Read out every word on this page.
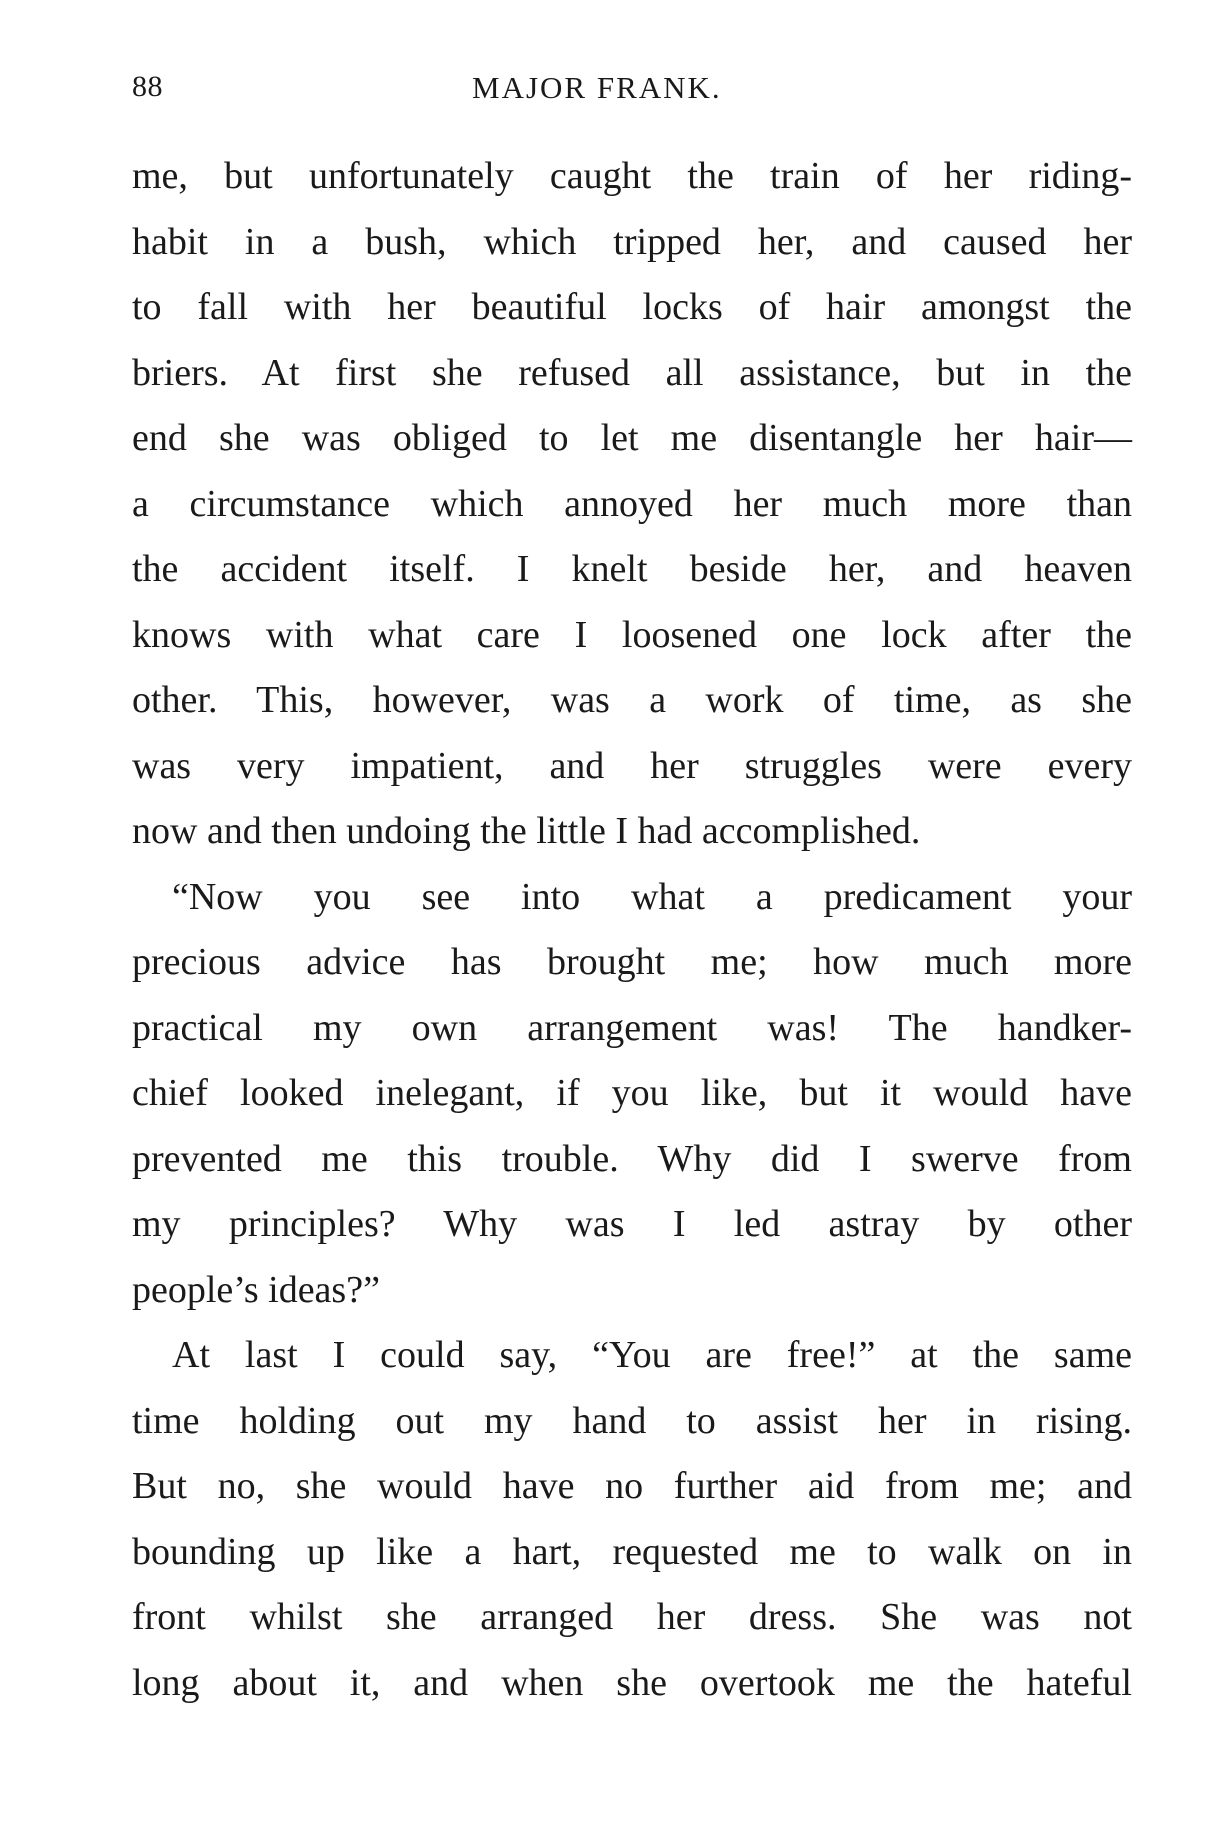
88	MAJOR FRANK.
me, but unfortunately caught the train of her riding-
habit in a bush, which tripped her, and caused her
to fall with her beautiful locks of hair amongst the
briers. At first she refused all assistance, but in the
end she was obliged to let me disentangle her hair—
a circumstance which annoyed her much more than
the accident itself. I knelt beside her, and heaven
knows with what care I loosened one lock after the
other. This, however, was a work of time, as she
was very impatient, and her struggles were every
now and then undoing the little I had accomplished.
“Now you see into what a predicament your
precious advice has brought me; how much more
practical my own arrangement was! The handker-
chief looked inelegant, if you like, but it would have
prevented me this trouble. Why did I swerve from
my principles? Why was I led astray by other
people’s ideas?”
At last I could say, “You are free!” at the same
time holding out my hand to assist her in rising.
But no, she would have no further aid from me; and
bounding up like a hart, requested me to walk on in
front whilst she arranged her dress. She was not
long about it, and when she overtook me the hateful
